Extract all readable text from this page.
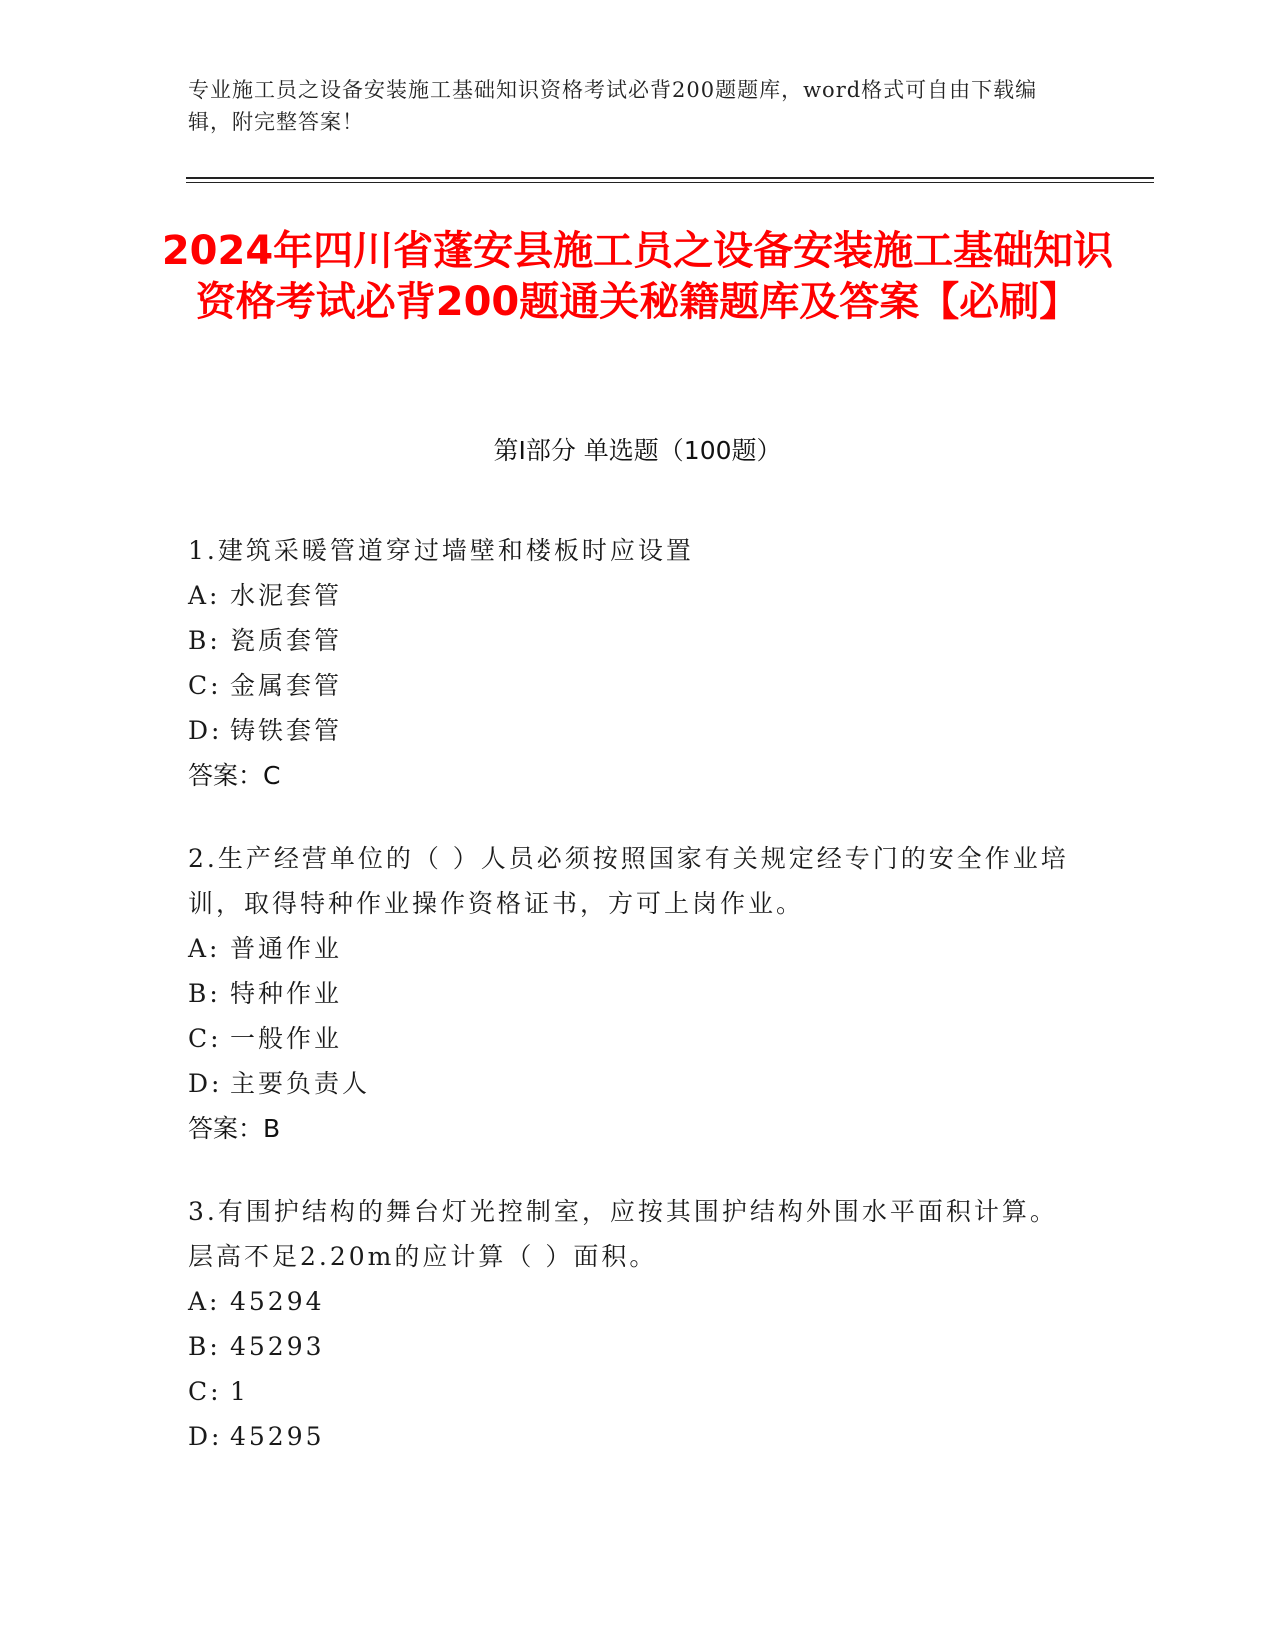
专业施工员之设备安装施工基础知识资格考试必背200题题库，word格式可自由下载编辑，附完整答案！
2024年四川省蓬安县施工员之设备安装施工基础知识资格考试必背200题通关秘籍题库及答案【必刷】
第Ⅰ部分 单选题（100题）
1.建筑采暖管道穿过墙壁和楼板时应设置
A: 水泥套管
B: 瓷质套管
C: 金属套管
D: 铸铁套管
答案：C
2.生产经营单位的（ ）人员必须按照国家有关规定经专门的安全作业培训，取得特种作业操作资格证书，方可上岗作业。
A: 普通作业
B: 特种作业
C: 一般作业
D: 主要负责人
答案：B
3.有围护结构的舞台灯光控制室，应按其围护结构外围水平面积计算。层高不足2.20m的应计算（ ）面积。
A: 45294
B: 45293
C: 1
D: 45295
